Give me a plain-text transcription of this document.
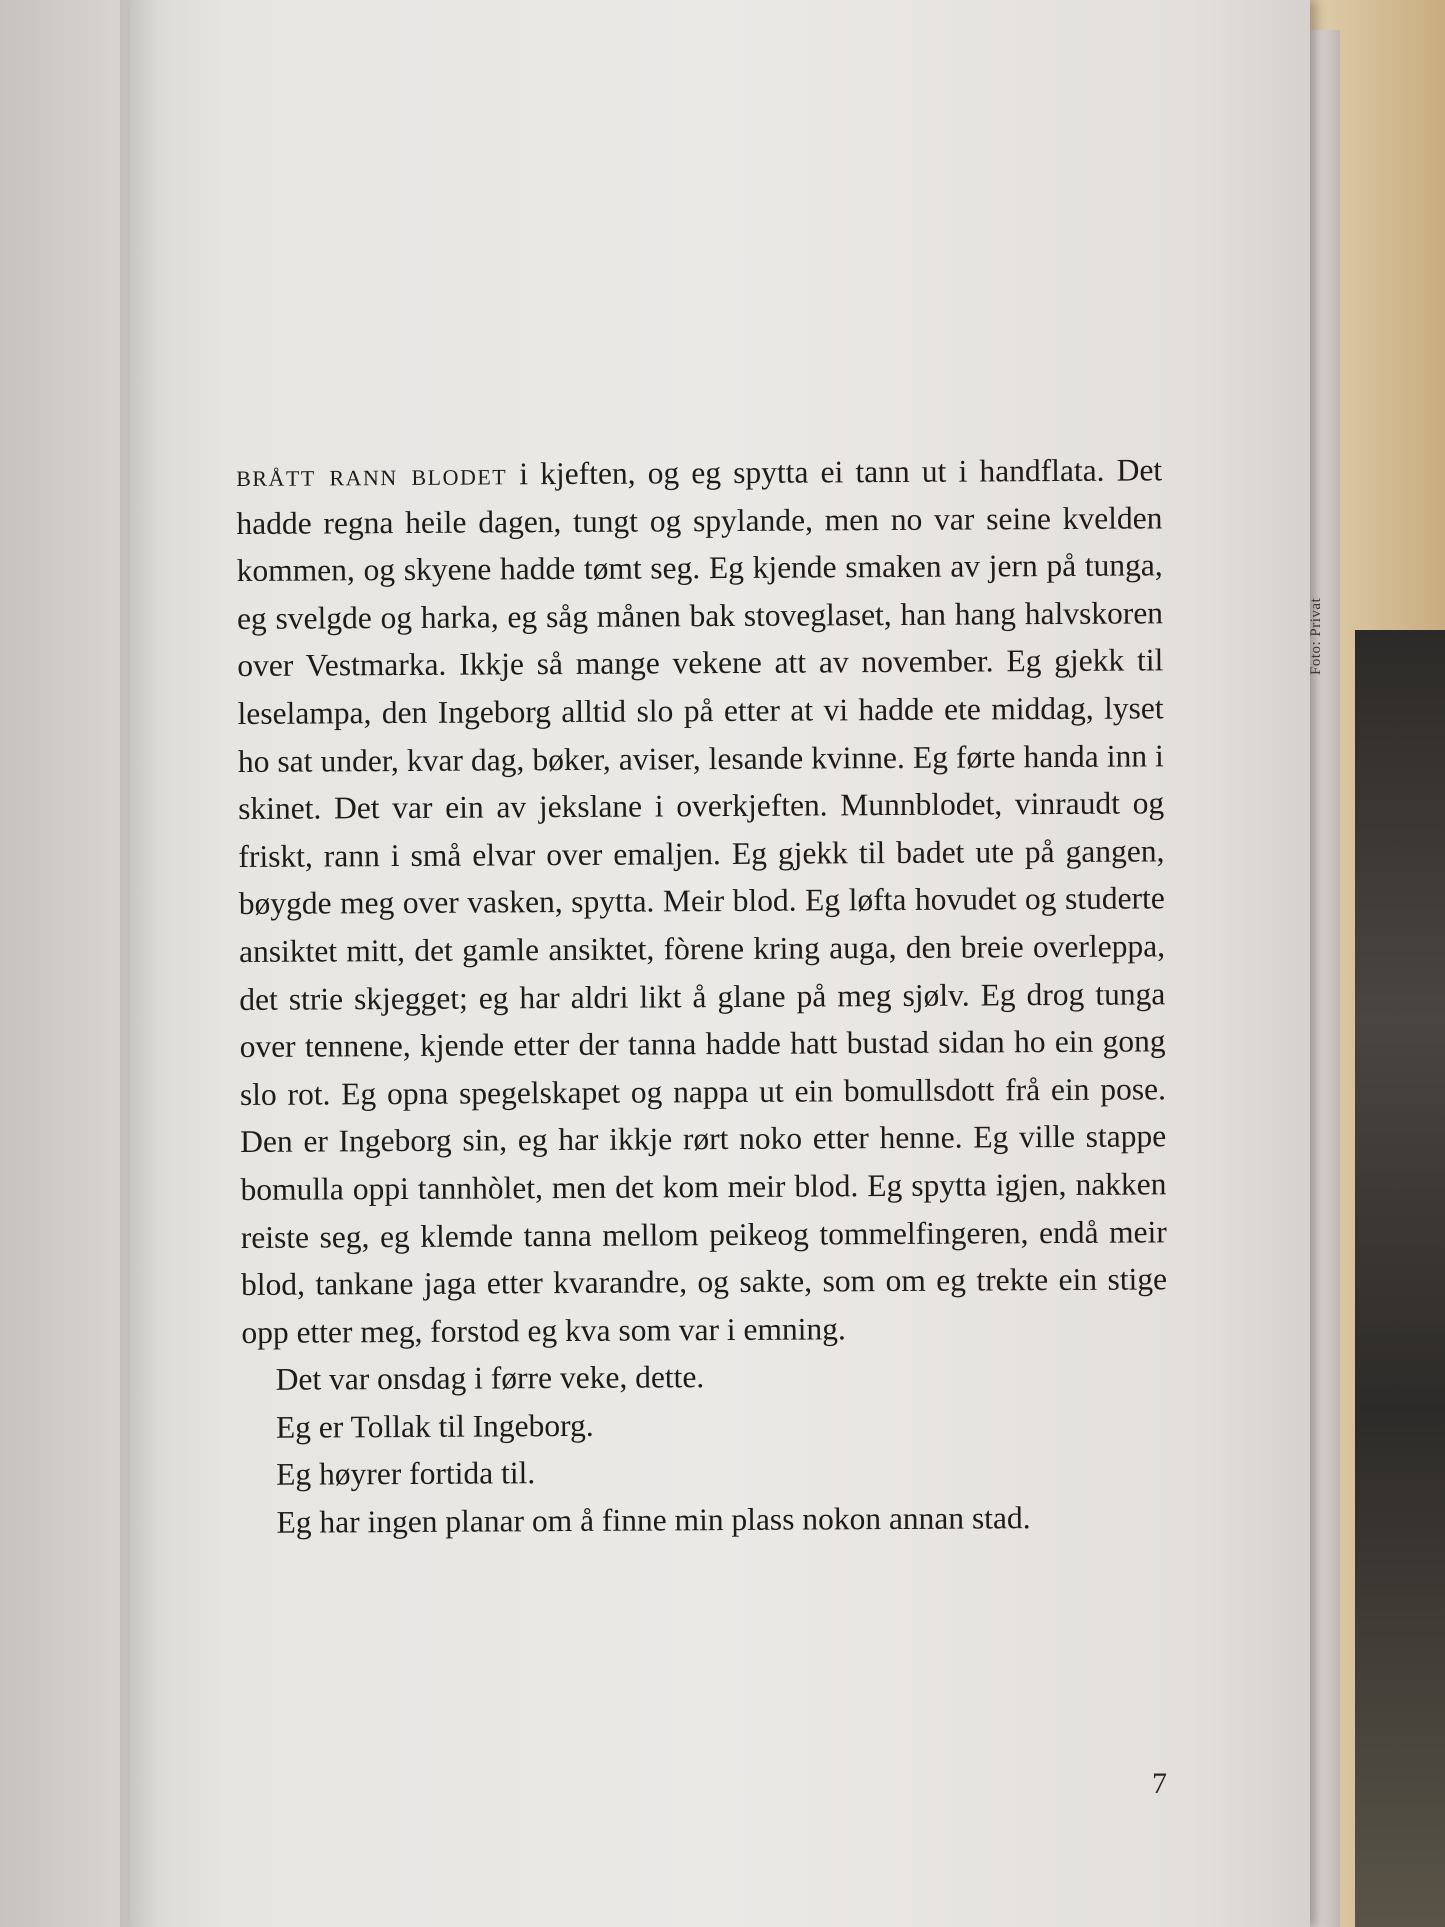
Foto: Privat

brått rann blodet i kjeften, og eg spytta ei tann ut i handflata. Det hadde regna heile dagen, tungt og spylande, men no var seine kvelden kommen, og skyene hadde tømt seg. Eg kjende smaken av jern på tunga, eg svelgde og harka, eg såg månen bak stoveglaset, han hang halvskoren over Vestmarka. Ikkje så mange vekene att av november. Eg gjekk til leselampa, den Ingeborg alltid slo på etter at vi hadde ete middag, lyset ho sat under, kvar dag, bøker, aviser, lesande kvinne. Eg førte handa inn i skinet. Det var ein av jekslane i overkjeften. Munnblodet, vinraudt og friskt, rann i små elvar over emaljen. Eg gjekk til badet ute på gangen, bøygde meg over vasken, spytta. Meir blod. Eg løfta hovudet og studerte ansiktet mitt, det gamle ansiktet, fòrene kring auga, den breie overleppa, det strie skjegget; eg har aldri likt å glane på meg sjølv. Eg drog tunga over tennene, kjende etter der tanna hadde hatt bustad sidan ho ein gong slo rot. Eg opna spegelskapet og nappa ut ein bomullsdott frå ein pose. Den er Ingeborg sin, eg har ikkje rørt noko etter henne. Eg ville stappe bomulla oppi tannhòlet, men det kom meir blod. Eg spytta igjen, nakken reiste seg, eg klemde tanna mellom peikeog tommelfingeren, endå meir blod, tankane jaga etter kvarandre, og sakte, som om eg trekte ein stige opp etter meg, forstod eg kva som var i emning.

Det var onsdag i førre veke, dette.

Eg er Tollak til Ingeborg.

Eg høyrer fortida til.

Eg har ingen planar om å finne min plass nokon annan stad.

7
